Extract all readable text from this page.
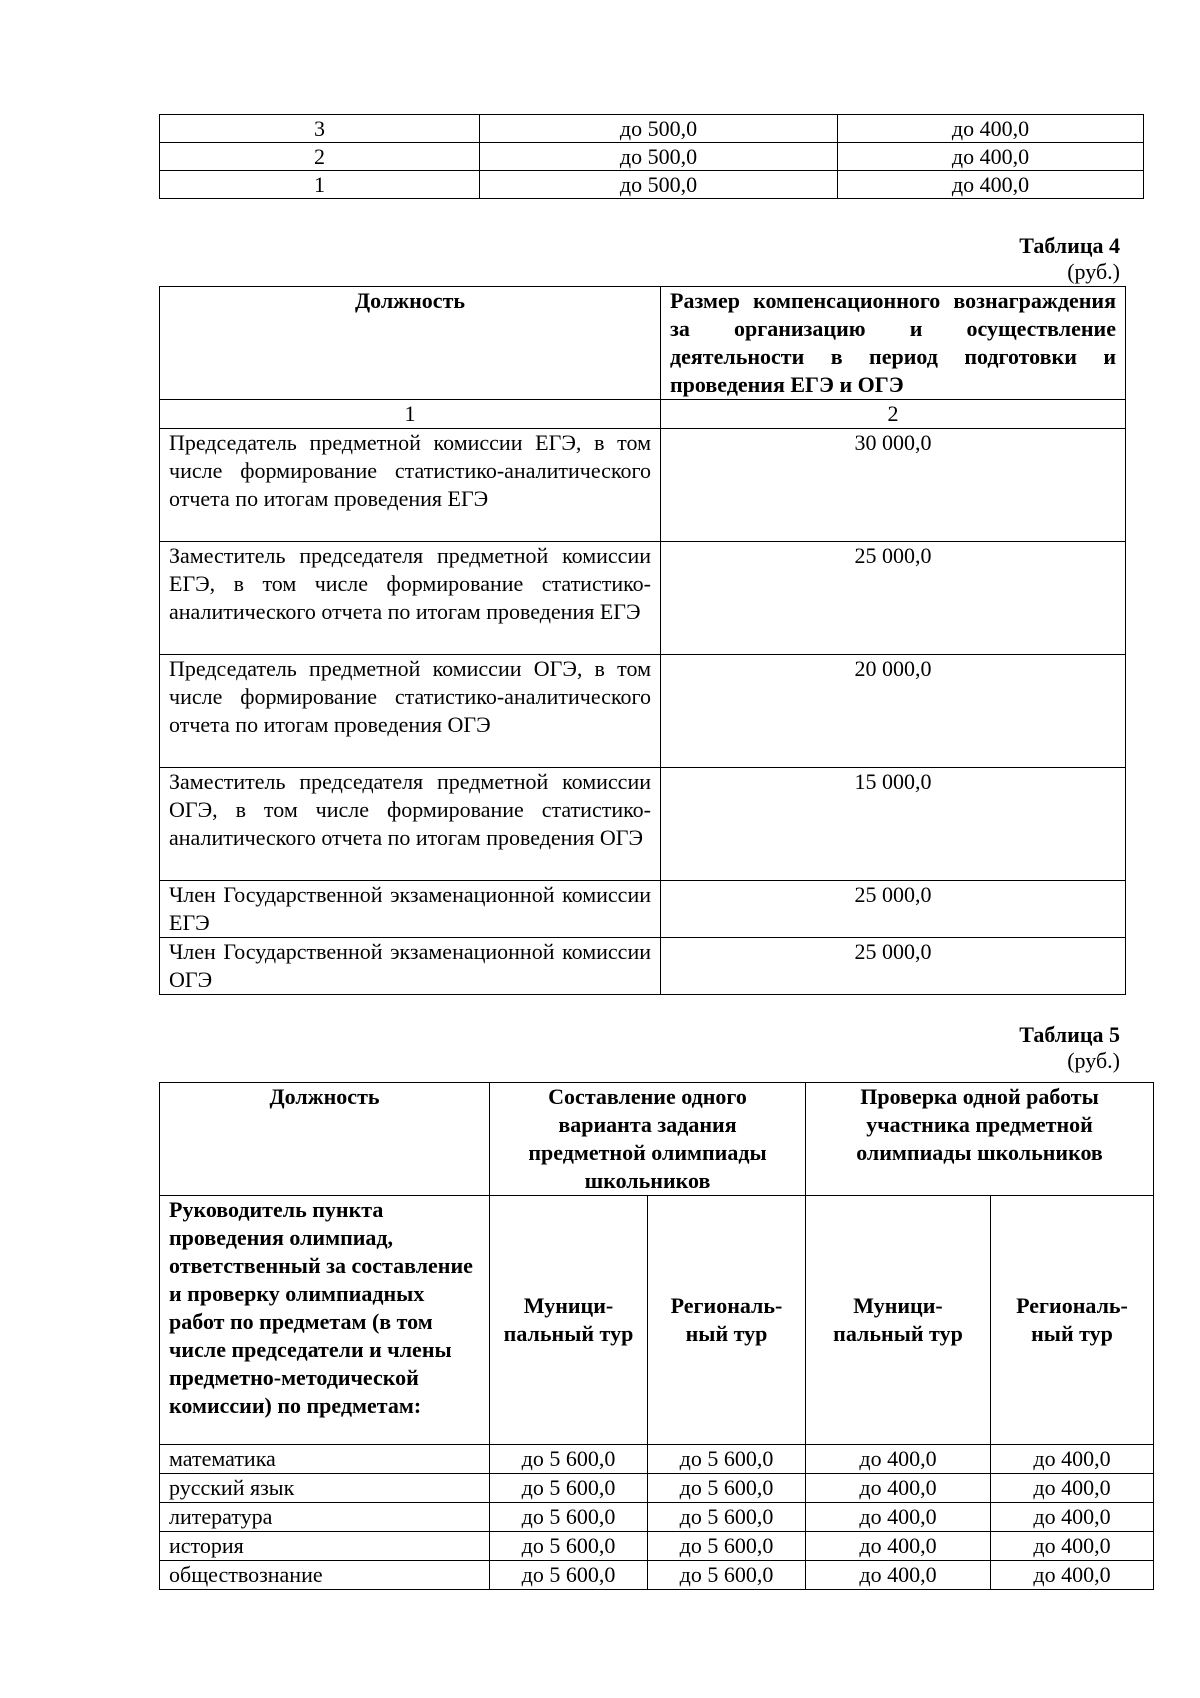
3	до 500,0	до 400,0
2	до 500,0	до 400,0
1	до 500,0	до 400,0
Таблица 4
(руб.)
Должность	Размер компенсационного вознаграждения за организацию и осуществление деятельности в период подготовки и проведения ЕГЭ и ОГЭ
1	2
Председатель предметной комиссии ЕГЭ, в том числе формирование статистико-аналитического отчета по итогам проведения ЕГЭ	30 000,0
Заместитель председателя предметной комиссии ЕГЭ, в том числе формирование статистико-аналитического отчета по итогам проведения ЕГЭ	25 000,0
Председатель предметной комиссии ОГЭ, в том числе формирование статистико-аналитического отчета по итогам проведения ОГЭ	20 000,0
Заместитель председателя предметной комиссии ОГЭ, в том числе формирование статистико-аналитического отчета по итогам проведения ОГЭ	15 000,0
Член Государственной экзаменационной комиссии ЕГЭ	25 000,0
Член Государственной экзаменационной комиссии ОГЭ	25 000,0
Таблица 5
(руб.)
Должность	Составление одного варианта задания предметной олимпиады школьников		Проверка одной работы участника предметной олимпиады школьников	
Руководитель пункта проведения олимпиад, ответственный за составление и проверку олимпиадных работ по предметам (в том числе председатели и члены предметно-методической комиссии) по предметам:	Муници-пальный тур	Региональ-ный тур	Муници-пальный тур	Региональ-ный тур
математика	до 5 600,0	до 5 600,0	до 400,0	до 400,0
русский язык	до 5 600,0	до 5 600,0	до 400,0	до 400,0
литература	до 5 600,0	до 5 600,0	до 400,0	до 400,0
история	до 5 600,0	до 5 600,0	до 400,0	до 400,0
обществознание	до 5 600,0	до 5 600,0	до 400,0	до 400,0
